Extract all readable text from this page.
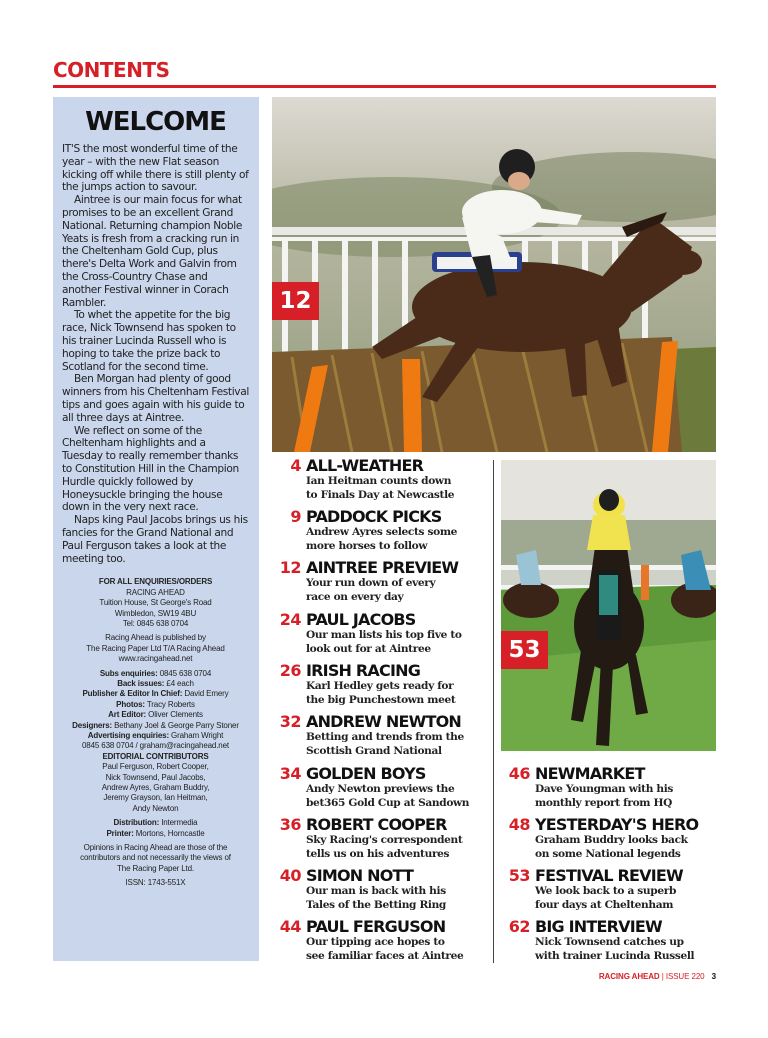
CONTENTS
WELCOME

IT'S the most wonderful time of the year – with the new Flat season kicking off while there is still plenty of the jumps action to savour.

Aintree is our main focus for what promises to be an excellent Grand National. Returning champion Noble Yeats is fresh from a cracking run in the Cheltenham Gold Cup, plus there's Delta Work and Galvin from the Cross-Country Chase and another Festival winner in Corach Rambler.

To whet the appetite for the big race, Nick Townsend has spoken to his trainer Lucinda Russell who is hoping to take the prize back to Scotland for the second time.

Ben Morgan had plenty of good winners from his Cheltenham Festival tips and goes again with his guide to all three days at Aintree.

We reflect on some of the Cheltenham highlights and a Tuesday to really remember thanks to Constitution Hill in the Champion Hurdle quickly followed by Honeysuckle bringing the house down in the very next race.

Naps king Paul Jacobs brings us his fancies for the Grand National and Paul Ferguson takes a look at the meeting too.

FOR ALL ENQUIRIES/ORDERS
RACING AHEAD
Tuition House, St George's Road
Wimbledon, SW19 4BU
Tel: 0845 638 0704
Racing Ahead is published by
The Racing Paper Ltd T/A Racing Ahead
www.racingahead.net
Subs enquiries: 0845 638 0704
Back issues: £4 each
Publisher & Editor In Chief: David Emery
Photos: Tracy Roberts
Art Editor: Oliver Clements
Designers: Bethany Joel & George Parry Stoner
Advertising enquiries: Graham Wright
0845 638 0704 / graham@racingahead.net
EDITORIAL CONTRIBUTORS
Paul Ferguson, Robert Cooper,
Nick Townsend, Paul Jacobs,
Andrew Ayres, Graham Buddry,
Jeremy Grayson, Ian Heitman,
Andy Newton
Distribution: Intermedia
Printer: Mortons, Horncastle
Opinions in Racing Ahead are those of the
contributors and not necessarily the views of
The Racing Paper Ltd.
ISSN: 1743-551X
12
53
4 ALL-WEATHER
Ian Heitman counts down
to Finals Day at Newcastle
9 PADDOCK PICKS
Andrew Ayres selects some
more horses to follow
12 AINTREE PREVIEW
Your run down of every
race on every day
24 PAUL JACOBS
Our man lists his top five to
look out for at Aintree
26 IRISH RACING
Karl Hedley gets ready for
the big Punchestown meet
32 ANDREW NEWTON
Betting and trends from the
Scottish Grand National
34 GOLDEN BOYS
Andy Newton previews the
bet365 Gold Cup at Sandown
36 ROBERT COOPER
Sky Racing's correspondent
tells us on his adventures
40 SIMON NOTT
Our man is back with his
Tales of the Betting Ring
44 PAUL FERGUSON
Our tipping ace hopes to
see familiar faces at Aintree
46 NEWMARKET
Dave Youngman with his
monthly report from HQ
48 YESTERDAY'S HERO
Graham Buddry looks back
on some National legends
53 FESTIVAL REVIEW
We look back to a superb
four days at Cheltenham
62 BIG INTERVIEW
Nick Townsend catches up
with trainer Lucinda Russell
RACING AHEAD | ISSUE 220 3
